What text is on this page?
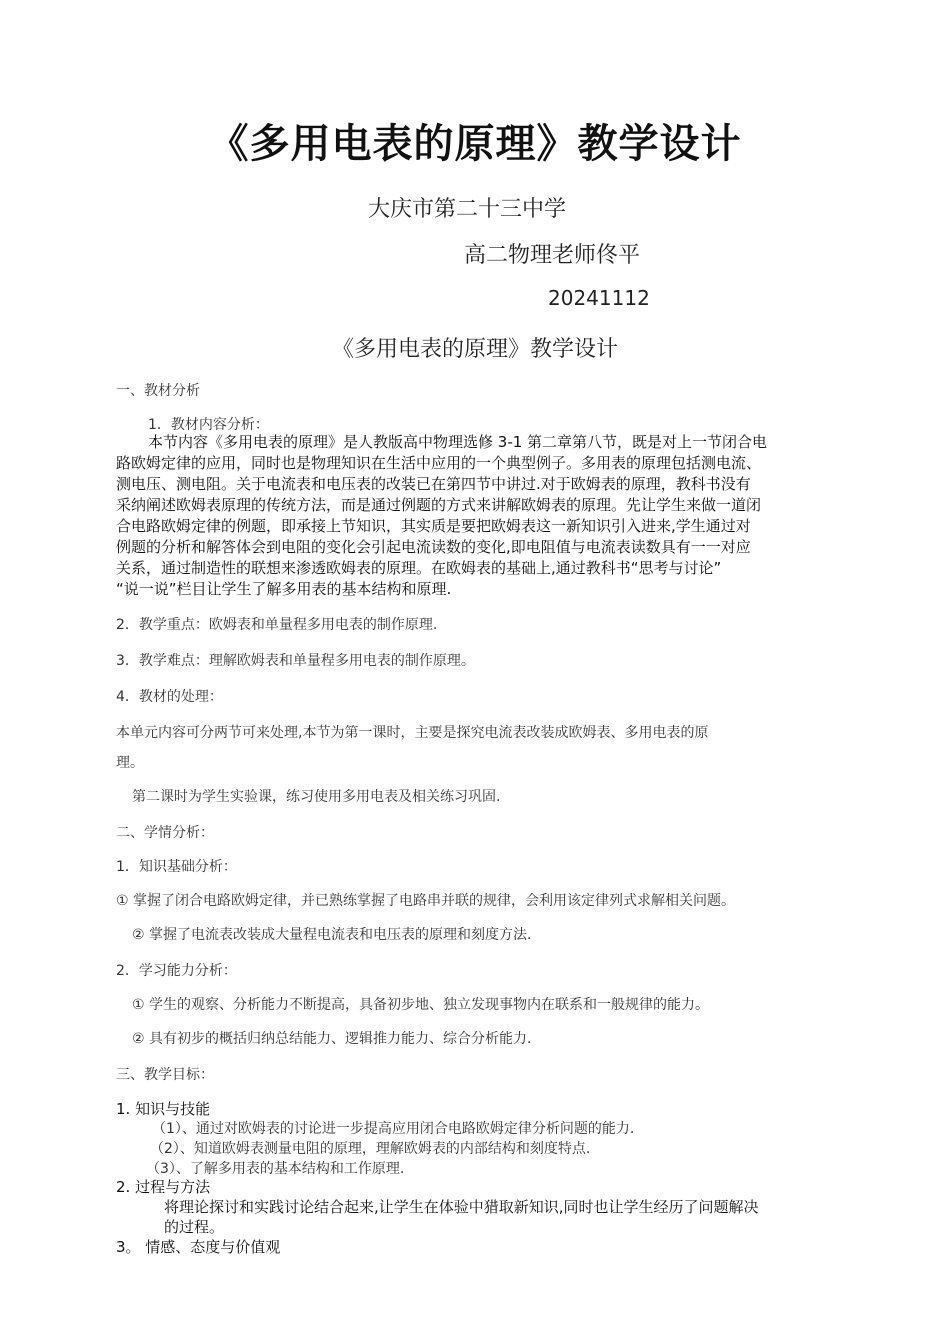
《多用电表的原理》教学设计
大庆市第二十三中学
高二物理老师佟平
20241112
《多用电表的原理》教学设计
一、教材分析
1．教材内容分析：

本节内容《多用电表的原理》是人教版高中物理选修 3-1 第二章第八节，既是对上一节闭合电

路欧姆定律的应用，同时也是物理知识在生活中应用的一个典型例子。多用表的原理包括测电流、

测电压、测电阻。关于电流表和电压表的改装已在第四节中讲过.对于欧姆表的原理，教科书没有

采纳阐述欧姆表原理的传统方法，而是通过例题的方式来讲解欧姆表的原理。先让学生来做一道闭

合电路欧姆定律的例题，即承接上节知识，其实质是要把欧姆表这一新知识引入进来,学生通过对

例题的分析和解答体会到电阻的变化会引起电流读数的变化,即电阻值与电流表读数具有一一对应

关系，通过制造性的联想来渗透欧姆表的原理。在欧姆表的基础上,通过教科书“思考与讨论”

“说一说”栏目让学生了解多用表的基本结构和原理.

2．教学重点：欧姆表和单量程多用电表的制作原理.
3．教学难点：理解欧姆表和单量程多用电表的制作原理。
4．教材的处理：
本单元内容可分两节可来处理,本节为第一课时，主要是探究电流表改装成欧姆表、多用电表的原
理。
第二课时为学生实验课，练习使用多用电表及相关练习巩固.
二、学情分析：
1．知识基础分析：
① 掌握了闭合电路欧姆定律，并已熟练掌握了电路串并联的规律，会利用该定律列式求解相关问题。
② 掌握了电流表改装成大量程电流表和电压表的原理和刻度方法.
2．学习能力分析：
① 学生的观察、分析能力不断提高，具备初步地、独立发现事物内在联系和一般规律的能力。
② 具有初步的概括归纳总结能力、逻辑推力能力、综合分析能力.
三、教学目标：
1. 知识与技能
（1）、通过对欧姆表的讨论进一步提高应用闭合电路欧姆定律分析问题的能力.
（2）、知道欧姆表测量电阻的原理，理解欧姆表的内部结构和刻度特点.
（3）、了解多用表的基本结构和工作原理.
2. 过程与方法
将理论探讨和实践讨论结合起来,让学生在体验中猎取新知识,同时也让学生经历了问题解决
的过程。
3。 情感、态度与价值观
